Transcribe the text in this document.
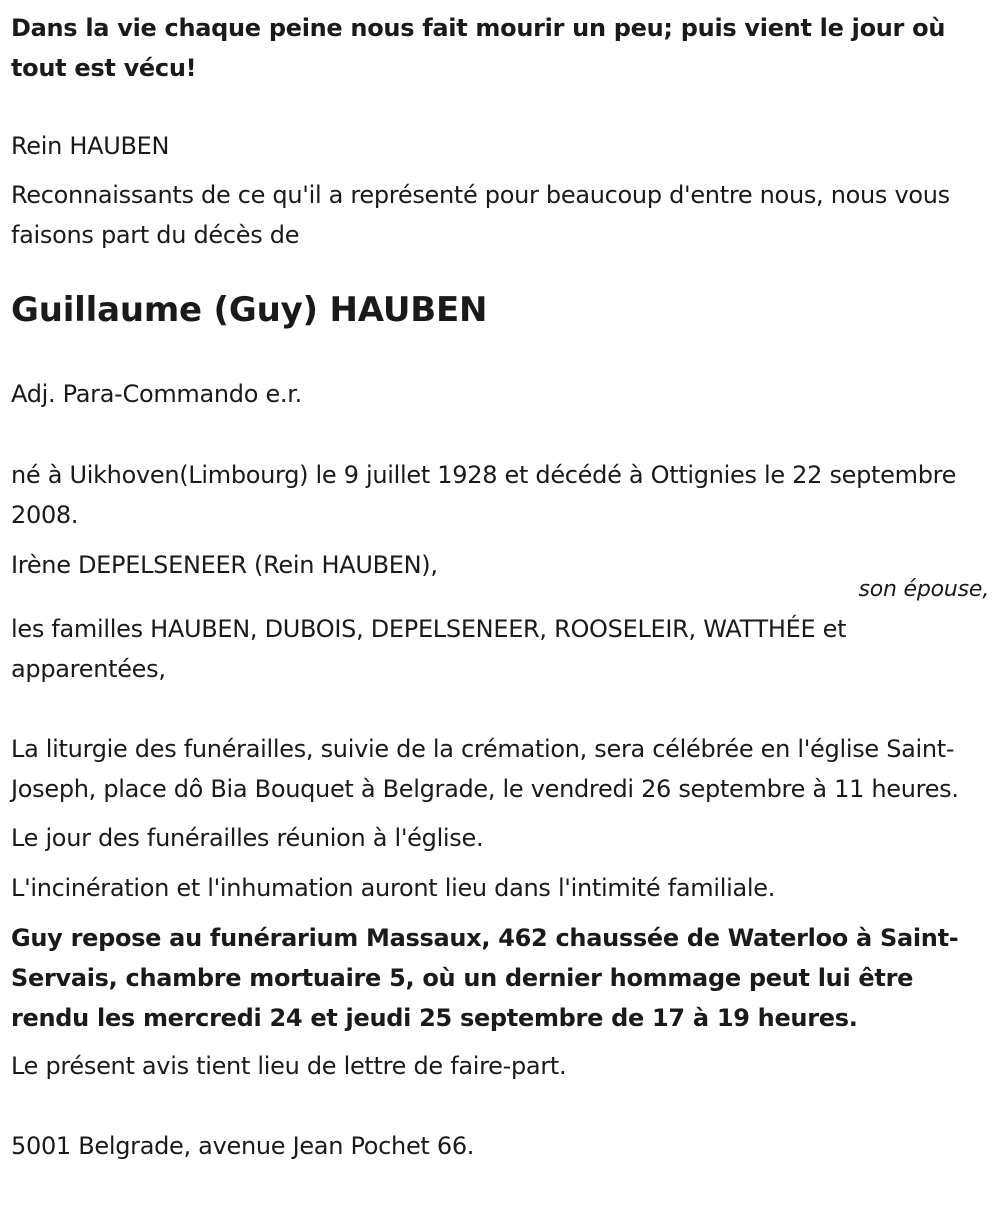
Dans la vie chaque peine nous fait mourir un peu; puis vient le jour où tout est vécu!

Rein HAUBEN

Reconnaissants de ce qu'il a représenté pour beaucoup d'entre nous, nous vous faisons part du décès de

Guillaume (Guy) HAUBEN

Adj. Para-Commando e.r.

né à Uikhoven(Limbourg) le 9 juillet 1928 et décédé à Ottignies le 22 septembre 2008.

Irène DEPELSENEER (Rein HAUBEN),

son épouse,

les familles HAUBEN, DUBOIS, DEPELSENEER, ROOSELEIR, WATTHÉE et apparentées,

La liturgie des funérailles, suivie de la crémation, sera célébrée en l'église Saint-Joseph, place dô Bia Bouquet à Belgrade, le vendredi 26 septembre à 11 heures.

Le jour des funérailles réunion à l'église.

L'incinération et l'inhumation auront lieu dans l'intimité familiale.

Guy repose au funérarium Massaux, 462 chaussée de Waterloo à Saint-Servais, chambre mortuaire 5, où un dernier hommage peut lui être rendu les mercredi 24 et jeudi 25 septembre de 17 à 19 heures.

Le présent avis tient lieu de lettre de faire-part.

5001 Belgrade, avenue Jean Pochet 66.
